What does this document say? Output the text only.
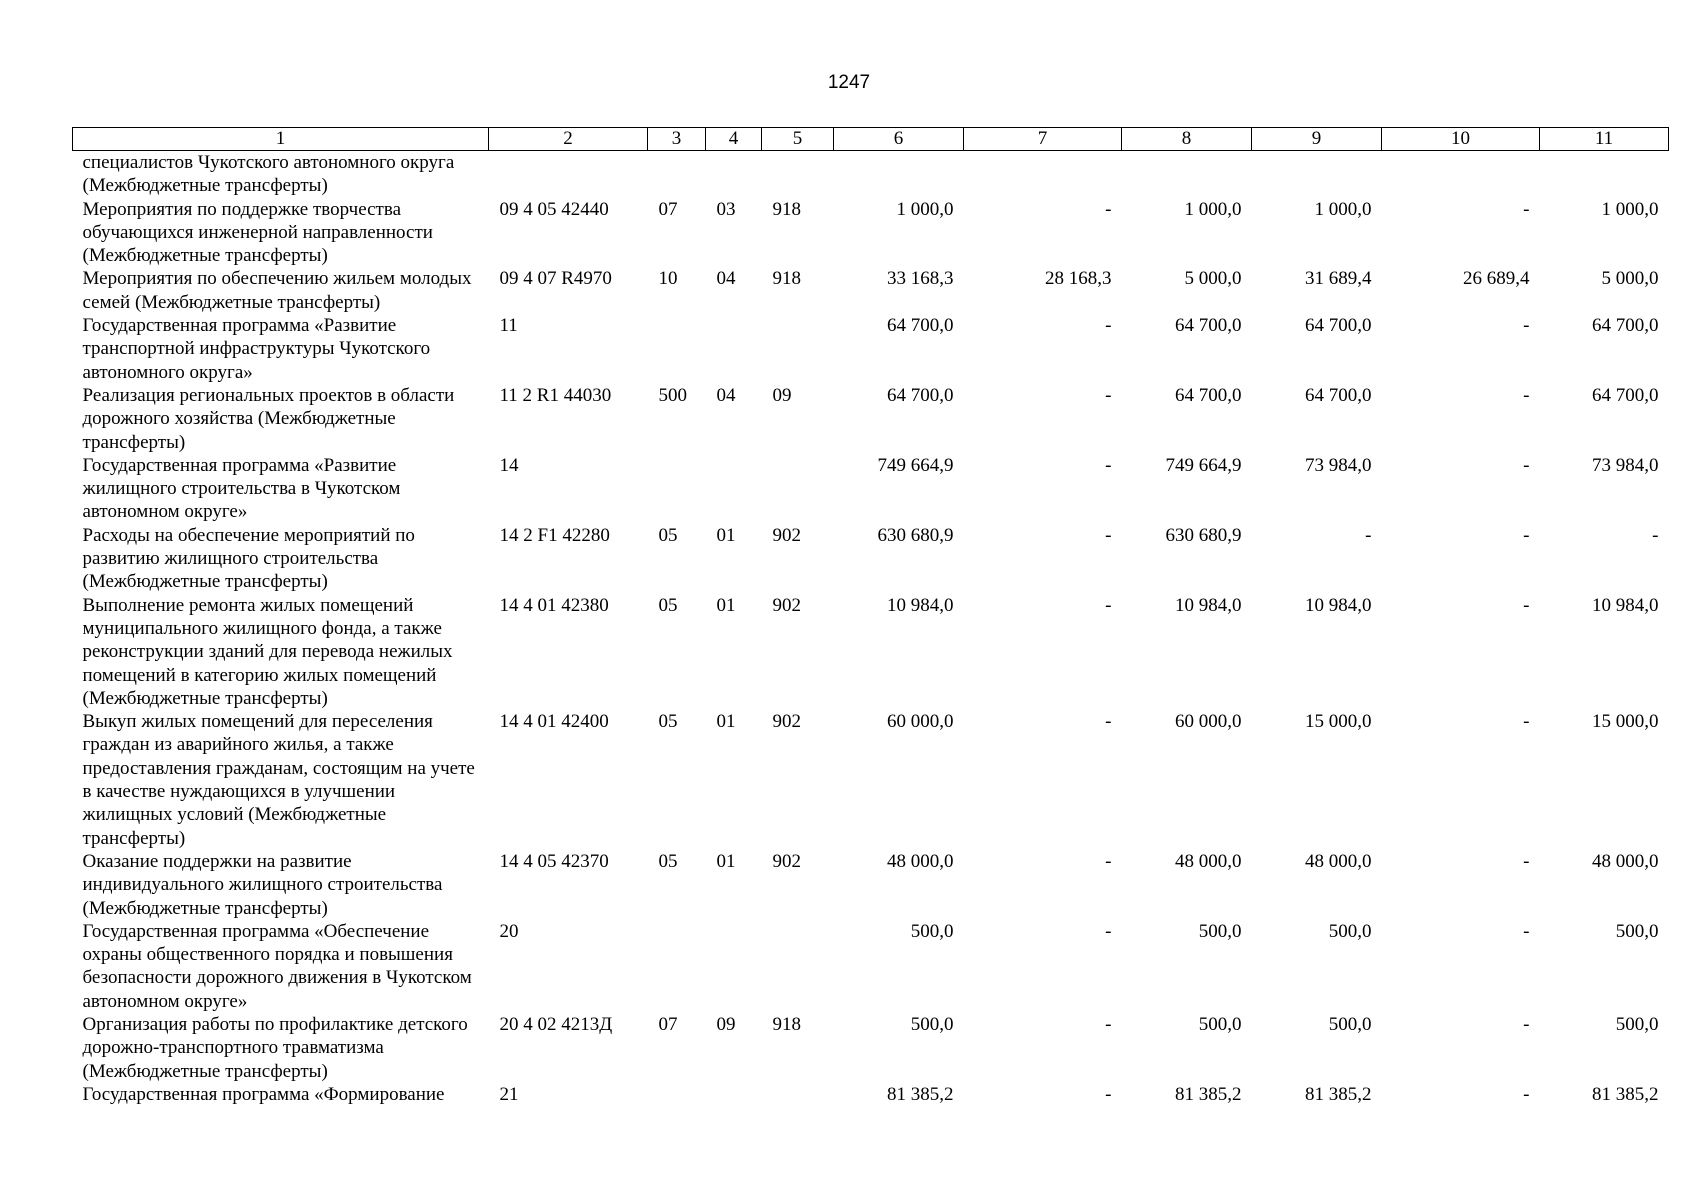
1247
1	2	3	4	5	6	7	8	9	10	11
специалистов Чукотского автономного округа (Межбюджетные трансферты)										
Мероприятия по поддержке творчества обучающихся инженерной направленности (Межбюджетные трансферты)	09 4 05 42440	07	03	918	1 000,0	-	1 000,0	1 000,0	-	1 000,0
Мероприятия по обеспечению жильем молодых семей (Межбюджетные трансферты)	09 4 07 R4970	10	04	918	33 168,3	28 168,3	5 000,0	31 689,4	26 689,4	5 000,0
Государственная программа «Развитие транспортной инфраструктуры Чукотского автономного округа»	11				64 700,0	-	64 700,0	64 700,0	-	64 700,0
Реализация региональных проектов в области дорожного хозяйства (Межбюджетные трансферты)	11 2 R1 44030	500	04	09	64 700,0	-	64 700,0	64 700,0	-	64 700,0
Государственная программа «Развитие жилищного строительства в Чукотском автономном округе»	14				749 664,9	-	749 664,9	73 984,0	-	73 984,0
Расходы на обеспечение мероприятий по развитию жилищного строительства (Межбюджетные трансферты)	14 2 F1 42280	05	01	902	630 680,9	-	630 680,9	-	-	-
Выполнение ремонта жилых помещений муниципального жилищного фонда, а также реконструкции зданий для перевода нежилых помещений в категорию жилых помещений (Межбюджетные трансферты)	14 4 01 42380	05	01	902	10 984,0	-	10 984,0	10 984,0	-	10 984,0
Выкуп жилых помещений для переселения граждан из аварийного жилья, а также предоставления гражданам, состоящим на учете в качестве нуждающихся в улучшении жилищных условий (Межбюджетные трансферты)	14 4 01 42400	05	01	902	60 000,0	-	60 000,0	15 000,0	-	15 000,0
Оказание поддержки на развитие индивидуального жилищного строительства (Межбюджетные трансферты)	14 4 05 42370	05	01	902	48 000,0	-	48 000,0	48 000,0	-	48 000,0
Государственная программа «Обеспечение охраны общественного порядка и повышения безопасности дорожного движения в Чукотском автономном округе»	20				500,0	-	500,0	500,0	-	500,0
Организация работы по профилактике детского дорожно-транспортного травматизма (Межбюджетные трансферты)	20 4 02 4213Д	07	09	918	500,0	-	500,0	500,0	-	500,0
Государственная программа «Формирование	21				81 385,2	-	81 385,2	81 385,2	-	81 385,2
